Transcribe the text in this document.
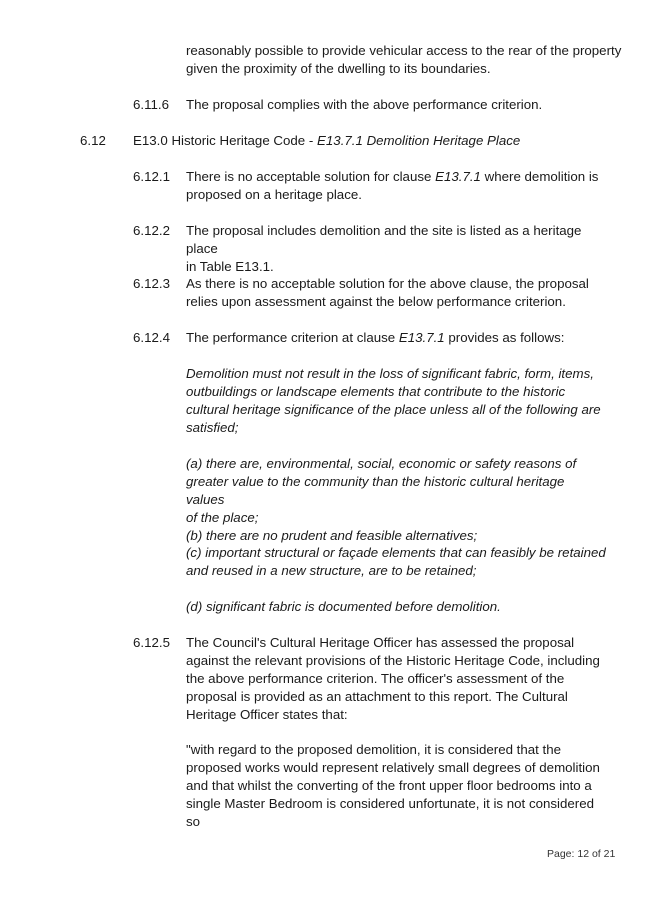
reasonably possible to provide vehicular access to the rear of the property
given the proximity of the dwelling to its boundaries.
6.11.6 The proposal complies with the above performance criterion.
6.12 E13.0 Historic Heritage Code - E13.7.1 Demolition Heritage Place
6.12.1 There is no acceptable solution for clause E13.7.1 where demolition is
proposed on a heritage place.
6.12.2 The proposal includes demolition and the site is listed as a heritage place
in Table E13.1.
6.12.3 As there is no acceptable solution for the above clause, the proposal
relies upon assessment against the below performance criterion.
6.12.4 The performance criterion at clause E13.7.1 provides as follows:
Demolition must not result in the loss of significant fabric, form, items,
outbuildings or landscape elements that contribute to the historic
cultural heritage significance of the place unless all of the following are
satisfied;
(a) there are, environmental, social, economic or safety reasons of
greater value to the community than the historic cultural heritage values
of the place;
(b) there are no prudent and feasible alternatives;
(c) important structural or façade elements that can feasibly be retained
and reused in a new structure, are to be retained;
(d) significant fabric is documented before demolition.
6.12.5 The Council's Cultural Heritage Officer has assessed the proposal
against the relevant provisions of the Historic Heritage Code, including
the above performance criterion. The officer's assessment of the
proposal is provided as an attachment to this report. The Cultural
Heritage Officer states that:
"with regard to the proposed demolition, it is considered that the
proposed works would represent relatively small degrees of demolition
and that whilst the converting of the front upper floor bedrooms into a
single Master Bedroom is considered unfortunate, it is not considered so
Page: 12 of 21
